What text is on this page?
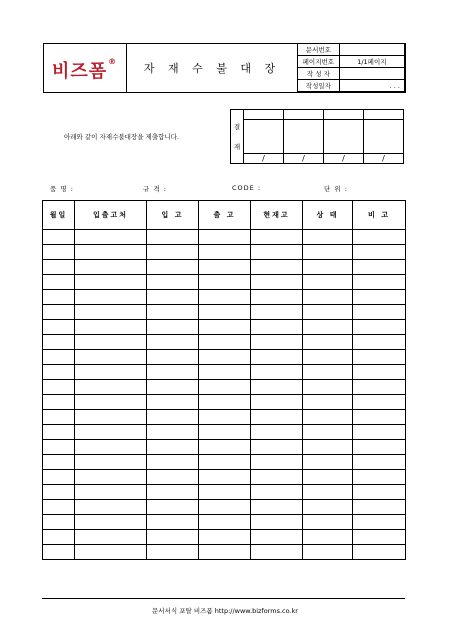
비즈폼®
자 재 수 불 대 장
문서번호	
페이지번호	1/1페이지
작 성 자	
작성일자	. . .
아래와 같이 자재수불대장을 제출합니다.
결
재				

	/	/	/	/
품 명 :	규 격 :	CODE :	단 위 :
월일	입출고처	입 고	출 고	현재고	상 태	비 고

문서서식 포탈 비즈폼 http://www.bizforms.co.kr
